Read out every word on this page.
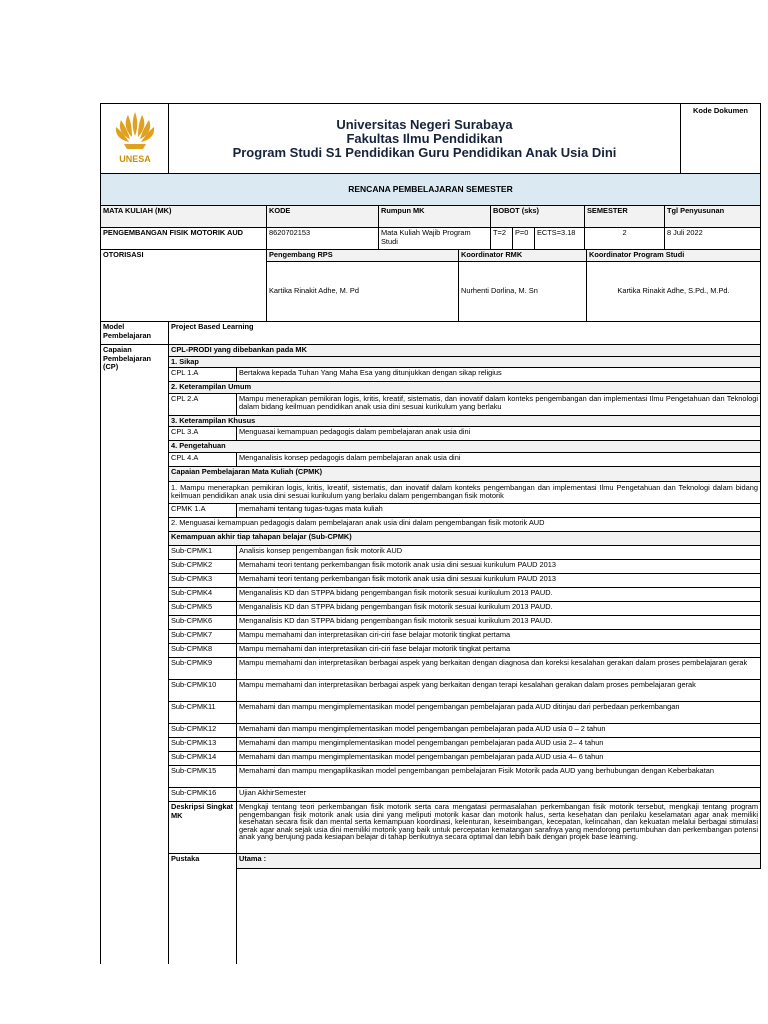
UNESA

Universitas Negeri Surabaya
Fakultas Ilmu Pendidikan
Program Studi S1 Pendidikan Guru Pendidikan Anak Usia Dini
	Kode Dokumen
RENCANA PEMBELAJARAN SEMESTER
MATA KULIAH (MK)	KODE	Rumpun MK	BOBOT (sks)			SEMESTER	Tgl Penyusunan
PENGEMBANGAN FISIK MOTORIK AUD	8620702153	Mata Kuliah Wajib Program Studi	T=2	P=0	ECTS=3.18	2	8 Juli 2022
OTORISASI	Pengembang RPS	Koordinator RMK	Koordinator Program Studi
	Kartika Rinakit Adhe, M. Pd	Nurhenti Dorlina, M. Sn	Kartika Rinakit Adhe, S.Pd., M.Pd.
Model Pembelajaran	Project Based Learning		
Capaian Pembelajaran (CP)	CPL-PRODI yang dibebankan pada MK		
	1. Sikap		
	CPL 1.A	Bertakwa kepada Tuhan Yang Maha Esa yang ditunjukkan dengan sikap religius	
	2. Keterampilan Umum		
	CPL 2.A	Mampu menerapkan pemikiran logis, kritis, kreatif, sistematis, dan inovatif dalam konteks pengembangan dan implementasi Ilmu Pengetahuan dan Teknologi dalam bidang keilmuan pendidikan anak usia dini sesuai kurikulum yang berlaku	
	3. Keterampilan Khusus		
	CPL 3.A	Menguasai kemampuan pedagogis dalam pembelajaran anak usia dini	
	4. Pengetahuan		
	CPL 4.A	Menganalisis konsep pedagogis dalam pembelajaran anak usia dini	
	Capaian Pembelajaran Mata Kuliah (CPMK)		
	1. Mampu menerapkan pemikiran logis, kritis, kreatif, sistematis, dan inovatif dalam konteks pengembangan dan implementasi Ilmu Pengetahuan dan Teknologi dalam bidang keilmuan pendidikan anak usia dini sesuai kurikulum yang berlaku dalam pengembangan fisik motorik		
	CPMK 1.A	memahami tentang tugas-tugas mata kuliah	
	2. Menguasai kemampuan pedagogis dalam pembelajaran anak usia dini dalam pengembangan fisik motorik AUD		
	Kemampuan akhir tiap tahapan belajar (Sub-CPMK)		
	Sub-CPMK1	Analisis konsep pengembangan fisik motorik AUD	
	Sub-CPMK2	Memahami teori tentang perkembangan fisik motorik anak usia dini sesuai kurikulum PAUD 2013	
	Sub-CPMK3	Memahami teori tentang perkembangan fisik motorik anak usia dini sesuai kurikulum PAUD 2013	
	Sub-CPMK4	Menganalisis KD dan STPPA bidang pengembangan fisik motorik sesuai kurikulum 2013 PAUD.	
	Sub-CPMK5	Menganalisis KD dan STPPA bidang pengembangan fisik motorik sesuai kurikulum 2013 PAUD.	
	Sub-CPMK6	Menganalisis KD dan STPPA bidang pengembangan fisik motorik sesuai kurikulum 2013 PAUD.	
	Sub-CPMK7	Mampu memahami dan interpretasikan ciri-ciri fase belajar motorik tingkat pertama	
	Sub-CPMK8	Mampu memahami dan interpretasikan ciri-ciri fase belajar motorik tingkat pertama	
	Sub-CPMK9	Mampu memahami dan interpretasikan berbagai aspek yang berkaitan dengan diagnosa dan koreksi kesalahan gerakan dalam proses pembelajaran gerak	
	Sub-CPMK10	Mampu memahami dan interpretasikan berbagai aspek yang berkaitan dengan terapi kesalahan gerakan dalam proses pembelajaran gerak	
	Sub-CPMK11	Memahami dan mampu mengimplementasikan model pengembangan pembelajaran pada AUD ditinjau dari perbedaan perkembangan	
	Sub-CPMK12	Memahami dan mampu mengimplementasikan model pengembangan pembelajaran pada AUD usia 0 – 2 tahun	
	Sub-CPMK13	Memahami dan mampu mengimplementasikan model pengembangan pembelajaran pada AUD usia 2– 4 tahun	
	Sub-CPMK14	Memahami dan mampu mengimplementasikan model pengembangan pembelajaran pada AUD usia 4– 6 tahun	
	Sub-CPMK15	Memahami dan mampu mengaplikasikan model pengembangan pembelajaran Fisik Motorik pada AUD yang berhubungan dengan Keberbakatan	
	Sub-CPMK16	Ujian AkhirSemester	
	Deskripsi Singkat MK	Mengkaji tentang teori perkembangan fisik motorik serta cara mengatasi permasalahan perkembangan fisik motorik tersebut, mengkaji tentang program pengembangan fisik motorik anak usia dini yang meliputi motorik kasar dan motorik halus, serta kesehatan dan perilaku keselamatan agar anak memiliki kesehatan secara fisik dan mental serta kemampuan koordinasi, kelenturan, keseimbangan, kecepatan, kelincahan, dan kekuatan melalui berbagai stimulasi gerak agar anak sejak usia dini memiliki motorik yang baik untuk percepatan kematangan sarafnya yang mendorong pertumbuhan dan perkembangan potensi anak yang berujung pada kesiapan belajar di tahap berikutnya secara optimal dan lebih baik dengan projek base learning.	
	Pustaka	Utama :	
